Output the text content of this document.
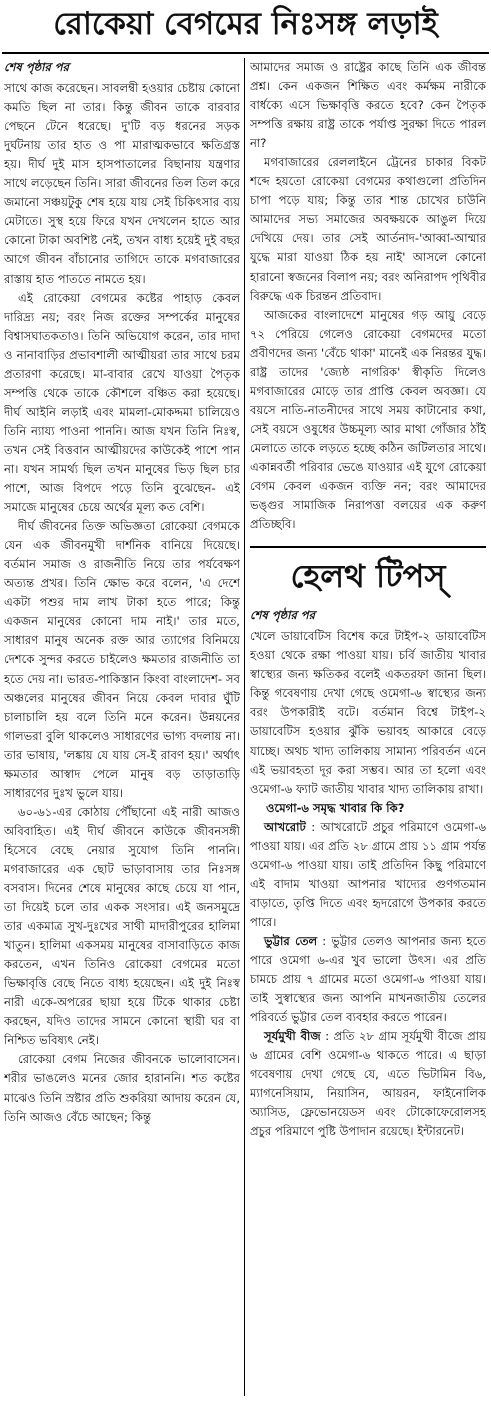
রোকেয়া বেগমের নিঃসঙ্গ লড়াই

শেষ পৃষ্ঠার পর

সাথে কাজ করেছেন। সাবলম্বী হওয়ার চেষ্টায় কোনো কমতি ছিল না তার। কিন্তু জীবন তাকে বারবার পেছনে টেনে ধরেছে। দু'টি বড় ধরনের সড়ক দুর্ঘটনায় তার হাত ও পা মারাত্মকভাবে ক্ষতিগ্রস্ত হয়। দীর্ঘ দুই মাস হাসপাতালের বিছানায় যন্ত্রণার সাথে লড়েছেন তিনি। সারা জীবনের তিল তিল করে জমানো সঞ্চয়টুকু শেষ হয়ে যায় সেই চিকিৎসার ব্যয় মেটাতে। সুস্থ হয়ে ফিরে যখন দেখলেন হাতে আর কোনো টাকা অবশিষ্ট নেই, তখন বাধ্য হয়েই দুই বছর আগে জীবন বাঁচানোর তাগিদে তাকে মগবাজারের রাস্তায় হাত পাততে নামতে হয়।

এই রোকেয়া বেগমের কষ্টের পাহাড় কেবল দারিদ্র্য নয়; বরং নিজ রক্তের সম্পর্কের মানুষের বিশ্বাসঘাতকতাও। তিনি অভিযোগ করেন, তার দাদা ও নানাবাড়ির প্রভাবশালী আত্মীয়রা তার সাথে চরম প্রতারণা করেছে। মা-বাবার রেখে যাওয়া পৈতৃক সম্পত্তি থেকে তাকে কৌশলে বঞ্চিত করা হয়েছে। দীর্ঘ আইনি লড়াই এবং মামলা-মোকদ্দমা চালিয়েও তিনি ন্যায্য পাওনা পাননি। আজ যখন তিনি নিঃস্ব, তখন সেই বিত্তবান আত্মীয়দের কাউকেই পাশে পান না। যখন সামর্থ্য ছিল তখন মানুষের ভিড় ছিল চার পাশে, আজ বিপদে পড়ে তিনি বুঝেছেন- এই সমাজে মানুষের চেয়ে অর্থের মূল্য কত বেশি।

দীর্ঘ জীবনের তিক্ত অভিজ্ঞতা রোকেয়া বেগমকে যেন এক জীবনমুখী দার্শনিক বানিয়ে দিয়েছে। বর্তমান সমাজ ও রাজনীতি নিয়ে তার পর্যবেক্ষণ অত্যন্ত প্রখর। তিনি ক্ষোভ করে বলেন, 'এ দেশে একটা পশুর দাম লাখ টাকা হতে পারে; কিন্তু একজন মানুষের কোনো দাম নাই।' তার মতে, সাধারণ মানুষ অনেক রক্ত আর ত্যাগের বিনিময়ে দেশকে সুন্দর করতে চাইলেও ক্ষমতার রাজনীতি তা হতে দেয় না। ভারত-পাকিস্তান কিংবা বাংলাদেশ- সব অঞ্চলের মানুষের জীবন নিয়ে কেবল দাবার ঘুঁটি চালাচালি হয় বলে তিনি মনে করেন। উন্নয়নের গালভরা বুলি থাকলেও সাধারণের ভাগ্য বদলায় না। তার ভাষায়, 'লঙ্কায় যে যায় সে-ই রাবণ হয়।' অর্থাৎ ক্ষমতার আস্বাদ পেলে মানুষ বড় তাড়াতাড়ি সাধারণের দুঃখ ভুলে যায়।

৬০-৬১-এর কোঠায় পৌঁছানো এই নারী আজও অবিবাহিত। এই দীর্ঘ জীবনে কাউকে জীবনসঙ্গী হিসেবে বেছে নেয়ার সুযোগ তিনি পাননি। মগবাজারের এক ছোট ভাড়াবাসায় তার নিঃসঙ্গ বসবাস। দিনের শেষে মানুষের কাছে চেয়ে যা পান, তা দিয়েই চলে তার একক সংসার। এই জনসমুদ্রে তার একমাত্র সুখ-দুঃখের সাথী মাদারীপুরের হালিমা খাতুন। হালিমা একসময় মানুষের বাসাবাড়িতে কাজ করতেন, এখন তিনিও রোকেয়া বেগমের মতো ভিক্ষাবৃত্তি বেছে নিতে বাধ্য হয়েছেন। এই দুই নিঃস্ব নারী একে-অপরের ছায়া হয়ে টিকে থাকার চেষ্টা করছেন, যদিও তাদের সামনে কোনো স্থায়ী ঘর বা নিশ্চিত ভবিষ্যৎ নেই।

রোকেয়া বেগম নিজের জীবনকে ভালোবাসেন। শরীর ভাঙলেও মনের জোর হারাননি। শত কষ্টের মাঝেও তিনি স্রষ্টার প্রতি শুকরিয়া আদায় করেন যে, তিনি আজও বেঁচে আছেন; কিন্তু

আমাদের সমাজ ও রাষ্ট্রের কাছে তিনি এক জীবন্ত প্রশ্ন। কেন একজন শিক্ষিত এবং কর্মক্ষম নারীকে বার্ধক্যে এসে ভিক্ষাবৃত্তি করতে হবে? কেন পৈতৃক সম্পত্তি রক্ষায় রাষ্ট্র তাকে পর্যাপ্ত সুরক্ষা দিতে পারল না?

মগবাজারের রেললাইনে ট্রেনের চাকার বিকট শব্দে হয়তো রোকেয়া বেগমের কথাগুলো প্রতিদিন চাপা পড়ে যায়; কিন্তু তার শান্ত চোখের চাউনি আমাদের সভ্য সমাজের অবক্ষয়কে আঙুল দিয়ে দেখিয়ে দেয়। তার সেই আর্তনাদ-'আব্বা-আম্মার যুদ্ধে মারা যাওয়া ঠিক হয় নাই' আসলে কোনো হারানো স্বজনের বিলাপ নয়; বরং অনিরাপদ পৃথিবীর বিরুদ্ধে এক চিরন্তন প্রতিবাদ।

আজকের বাংলাদেশে মানুষের গড় আয়ু বেড়ে ৭২ পেরিয়ে গেলেও রোকেয়া বেগমদের মতো প্রবীণদের জন্য 'বেঁচে থাকা' মানেই এক নিরন্তর যুদ্ধ। রাষ্ট্র তাদের 'জ্যেষ্ঠ নাগরিক' স্বীকৃতি দিলেও মগবাজারের মোড়ে তার প্রাপ্তি কেবল অবজ্ঞা। যে বয়সে নাতি-নাতনীদের সাথে সময় কাটানোর কথা, সেই বয়সে ওষুধের উচ্চমূল্য আর মাথা গোঁজার ঠাঁই মেলাতে তাকে লড়তে হচ্ছে কঠিন জটিলতার সাথে। একান্নবর্তী পরিবার ভেঙে যাওয়ার এই যুগে রোকেয়া বেগম কেবল একজন ব্যক্তি নন; বরং আমাদের ভঙ্গুর সামাজিক নিরাপত্তা বলয়ের এক করুণ প্রতিচ্ছবি।

হেলথ টিপস্

শেষ পৃষ্ঠার পর

খেলে ডায়াবেটিস বিশেষ করে টাইপ-২ ডায়াবেটিস হওয়া থেকে রক্ষা পাওয়া যায়। চর্বি জাতীয় খাবার স্বাস্থ্যের জন্য ক্ষতিকর বলেই একতরফা জানা ছিল। কিন্তু গবেষণায় দেখা গেছে ওমেগা-৬ স্বাস্থ্যের জন্য বরং উপকারীই বটে। বর্তমান বিশ্বে টাইপ-২ ডায়াবেটিস হওয়ার ঝুঁকি ভয়াবহ আকারে বেড়ে যাচ্ছে। অথচ খাদ্য তালিকায় সামান্য পরিবর্তন এনে এই ভয়াবহতা দূর করা সম্ভব। আর তা হলো এবং ওমেগা-৬ ফ্যাট জাতীয় খাবার খাদ্য তালিকায় রাখা।

ওমেগা-৬ সমৃদ্ধ খাবার কি কি?

আখরোট : আখরোটে প্রচুর পরিমাণে ওমেগা-৬ পাওয়া যায়। এর প্রতি ২৮ গ্রামে প্রায় ১১ গ্রাম পর্যন্ত ওমেগা-৬ পাওয়া যায়। তাই প্রতিদিন কিছু পরিমাণে এই বাদাম খাওয়া আপনার খাদ্যের গুণগতমান বাড়াতে, তৃপ্তি দিতে এবং হৃদরোগে উপকার করতে পারে।

ভুট্টার তেল : ভুট্টার তেলও আপনার জন্য হতে পারে ওমেগা ৬-এর খুব ভালো উৎস। এর প্রতি চামচে প্রায় ৭ গ্রামের মতো ওমেগা-৬ পাওয়া যায়। তাই সুস্বাস্থ্যের জন্য আপনি মাখনজাতীয় তেলের পরিবর্তে ভুট্টার তেল ব্যবহার করতে পারেন।

সূর্যমুখী বীজ : প্রতি ২৮ গ্রাম সূর্যমুখী বীজে প্রায় ৬ গ্রামের বেশি ওমেগা-৬ থাকতে পারে। এ ছাড়া গবেষণায় দেখা গেছে যে, এতে ভিটামিন বি৬, ম্যাগনেসিয়াম, নিয়াসিন, আয়রন, ফাইনোলিক অ্যাসিড, ফ্লেভোনয়েডস এবং টোকোফেরোলসহ প্রচুর পরিমাণে পুষ্টি উপাদান রয়েছে। ইন্টারনেট।
